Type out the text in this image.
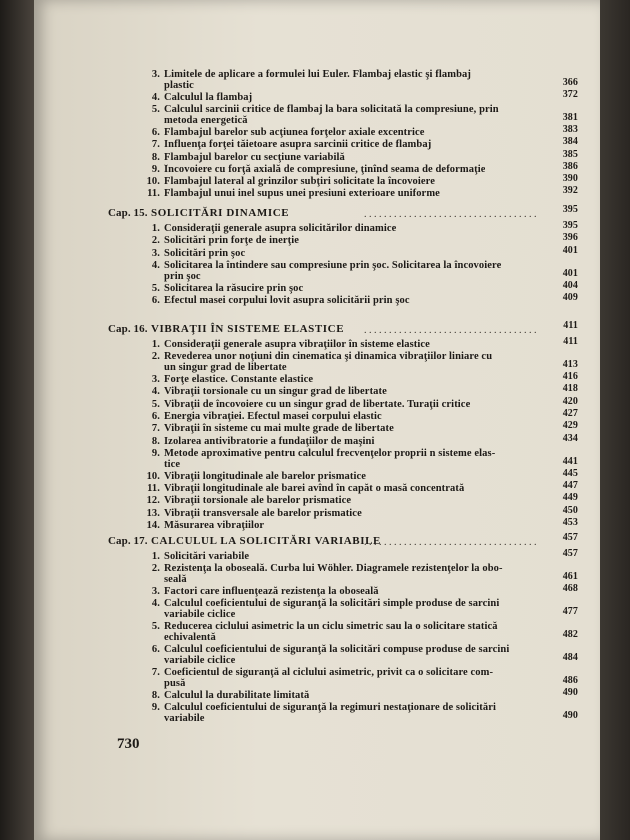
3. Limitele de aplicare a formulei lui Euler. Flambaj elastic şi flambaj
plastic	366
4. Calculul la flambaj	372
5. Calculul sarcinii critice de flambaj la bara solicitată la compresiune, prin
metoda energetică	381
6. Flambajul barelor sub acţiunea forţelor axiale excentrice	383
7. Influenţa forţei tăietoare asupra sarcinii critice de flambaj	384
8. Flambajul barelor cu secţiune variabilă	385
9. Încovoiere cu forţă axială de compresiune, ţinînd seama de deformaţie	386
10. Flambajul lateral al grinzilor subţiri solicitate la încovoiere	390
11. Flambajul unui inel supus unei presiuni exterioare uniforme	392
Cap. 15. SOLICITĂRI DINAMICE	395
. . . . . . . . . . . . . . . . . . . . . . . . . . . . . . . . . . .
1. Consideraţii generale asupra solicitărilor dinamice	395
2. Solicitări prin forţe de inerţie	396
3. Solicitări prin şoc	401
4. Solicitarea la întindere sau compresiune prin şoc. Solicitarea la încovoiere
prin şoc	401
5. Solicitarea la răsucire prin şoc	404
6. Efectul masei corpului lovit asupra solicitării prin şoc	409
Cap. 16. VIBRAŢII ÎN SISTEME ELASTICE	411
. . . . . . . . . . . . . . . . . . . . . . . . . . . . . . . . . . .
1. Consideraţii generale asupra vibraţiilor în sisteme elastice	411
2. Revederea unor noţiuni din cinematica şi dinamica vibraţiilor liniare cu
un singur grad de libertate	413
3. Forţe elastice. Constante elastice	416
4. Vibraţii torsionale cu un singur grad de libertate	418
5. Vibraţii de încovoiere cu un singur grad de libertate. Turaţii critice	420
6. Energia vibraţiei. Efectul masei corpului elastic	427
7. Vibraţii în sisteme cu mai multe grade de libertate	429
8. Izolarea antivibratorie a fundaţiilor de maşini	434
9. Metode aproximative pentru calculul frecvenţelor proprii n sisteme elas-
tice	441
10. Vibraţii longitudinale ale barelor prismatice	445
11. Vibraţii longitudinale ale barei avînd în capăt o masă concentrată	447
12. Vibraţii torsionale ale barelor prismatice	449
13. Vibraţii transversale ale barelor prismatice	450
14. Măsurarea vibraţiilor	453
Cap. 17. CALCULUL LA SOLICITĂRI VARIABILE	457
. . . . . . . . . . . . . . . . . . . . . . . . . . . . . . . . . . .
1. Solicitări variabile	457
2. Rezistenţa la oboseală. Curba lui Wöhler. Diagramele rezistenţelor la obo-
seală	461
3. Factori care influenţează rezistenţa la oboseală	468
4. Calculul coeficientului de siguranţă la solicitări simple produse de sarcini
variabile ciclice	477
5. Reducerea ciclului asimetric la un ciclu simetric sau la o solicitare statică
echivalentă	482
6. Calculul coeficientului de siguranţă la solicitări compuse produse de sarcini
variabile ciclice	484
7. Coeficientul de siguranţă al ciclului asimetric, privit ca o solicitare com-
pusă	486
8. Calculul la durabilitate limitată	490
9. Calculul coeficientului de siguranţă la regimuri nestaţionare de solicitări
variabile	490
730
